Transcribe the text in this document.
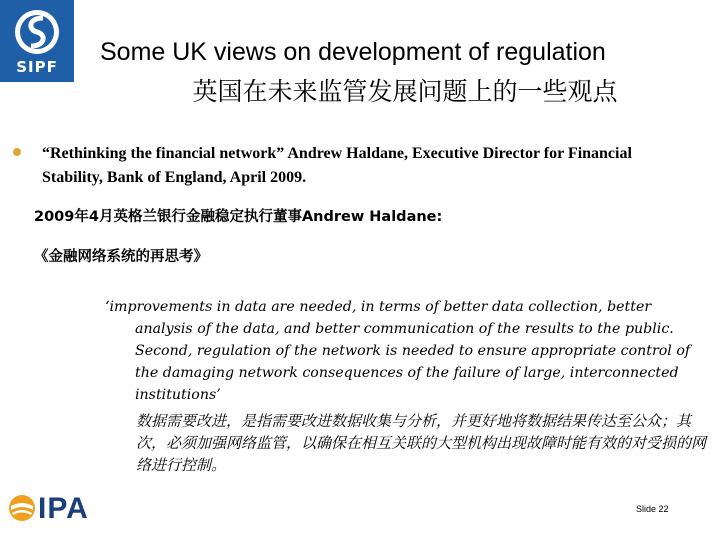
SIPF
Some UK views on development of regulation
英国在未来监管发展问题上的一些观点
“Rethinking the financial network” Andrew Haldane, Executive Director for Financial Stability, Bank of England, April 2009.
2009年4月英格兰银行金融稳定执行董事Andrew Haldane:
《金融网络系统的再思考》
‘improvements in data are needed, in terms of better data collection, better analysis of the data, and better communication of the results to the public. Second, regulation of the network is needed to ensure appropriate control of the damaging network consequences of the failure of large, interconnected institutions’
数据需要改进，是指需要改进数据收集与分析，并更好地将数据结果传达至公众；其次，必须加强网络监管，以确保在相互关联的大型机构出现故障时能有效的对受损的网络进行控制。
IPA	Slide 22
